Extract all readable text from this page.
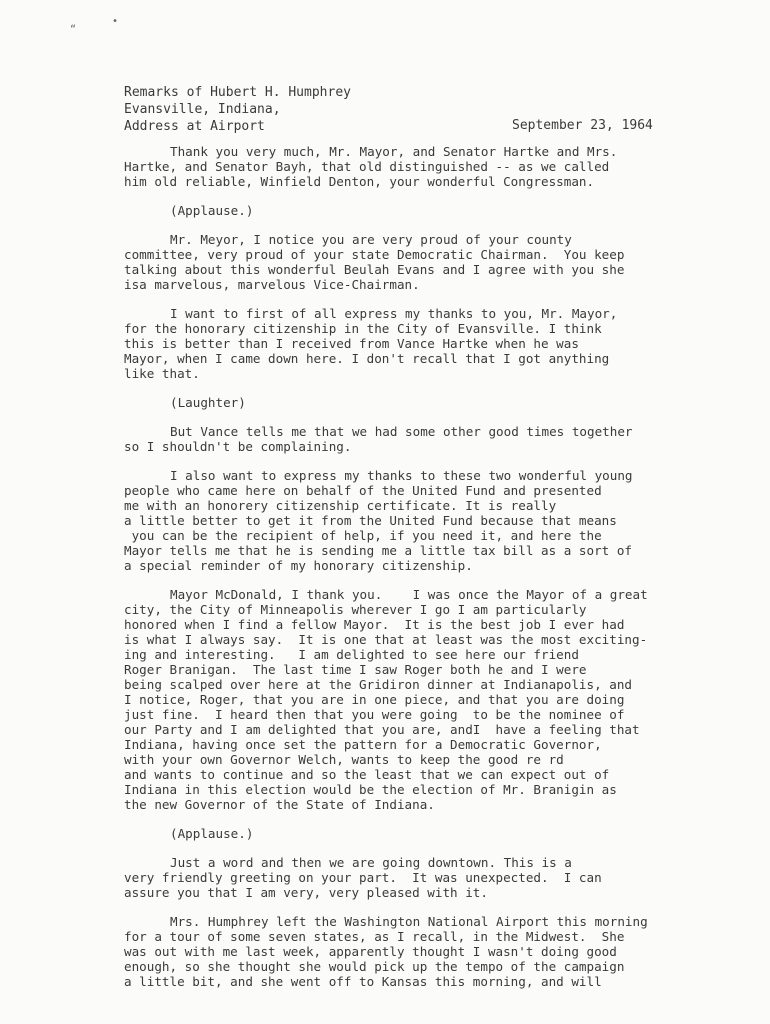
“
•
Remarks of Hubert H. Humphrey
Evansville, Indiana,
Address at Airport	September 23, 1964
Thank you very much, Mr. Mayor, and Senator Hartke and Mrs.
Hartke, and Senator Bayh, that old distinguished -- as we called
him old reliable, Winfield Denton, your wonderful Congressman.
(Applause.)
Mr. Meyor, I notice you are very proud of your county
committee, very proud of your state Democratic Chairman.  You keep
talking about this wonderful Beulah Evans and I agree with you she
isa marvelous, marvelous Vice-Chairman.
I want to first of all express my thanks to you, Mr. Mayor,
for the honorary citizenship in the City of Evansville. I think
this is better than I received from Vance Hartke when he was
Mayor, when I came down here. I don't recall that I got anything
like that.
(Laughter)
But Vance tells me that we had some other good times together
so I shouldn't be complaining.
I also want to express my thanks to these two wonderful young
people who came here on behalf of the United Fund and presented
me with an honorery citizenship certificate. It is really
a little better to get it from the United Fund because that means
you can be the recipient of help, if you need it, and here the
Mayor tells me that he is sending me a little tax bill as a sort of
a special reminder of my honorary citizenship.
Mayor McDonald, I thank you.    I was once the Mayor of a great
city, the City of Minneapolis wherever I go I am particularly
honored when I find a fellow Mayor.  It is the best job I ever had
is what I always say.  It is one that at least was the most exciting-
ing and interesting.   I am delighted to see here our friend
Roger Branigan.  The last time I saw Roger both he and I were
being scalped over here at the Gridiron dinner at Indianapolis, and
I notice, Roger, that you are in one piece, and that you are doing
just fine.  I heard then that you were going  to be the nominee of
our Party and I am delighted that you are, andI  have a feeling that
Indiana, having once set the pattern for a Democratic Governor,
with your own Governor Welch, wants to keep the good re rd
and wants to continue and so the least that we can expect out of
Indiana in this election would be the election of Mr. Branigin as
the new Governor of the State of Indiana.
(Applause.)
Just a word and then we are going downtown. This is a
very friendly greeting on your part.  It was unexpected.  I can
assure you that I am very, very pleased with it.
Mrs. Humphrey left the Washington National Airport this morning
for a tour of some seven states, as I recall, in the Midwest.  She
was out with me last week, apparently thought I wasn't doing good
enough, so she thought she would pick up the tempo of the campaign
a little bit, and she went off to Kansas this morning, and will
